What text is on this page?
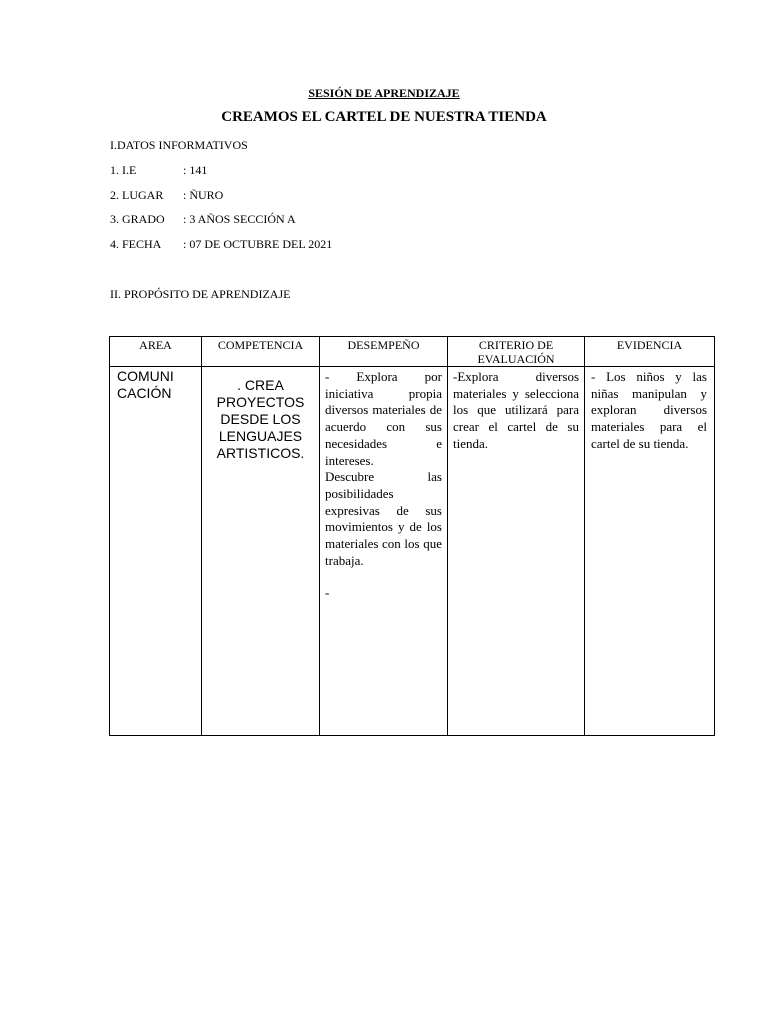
SESIÓN DE APRENDIZAJE

CREAMOS EL CARTEL DE NUESTRA TIENDA

I.DATOS INFORMATIVOS

1. I.E	: 141

2. LUGAR : ÑURO

3. GRADO : 3 AÑOS SECCIÓN A

4. FECHA : 07 DE OCTUBRE DEL 2021

II. PROPÓSITO DE APRENDIZAJE

AREA	COMPETENCIA	DESEMPEÑO	CRITERIO DE EVALUACIÓN	EVIDENCIA

COMUNICACIÓN	. CREA PROYECTOS DESDE LOS LENGUAJES ARTISTICOS.	- Explora por iniciativa propia diversos materiales de acuerdo con sus necesidades e intereses.
Descubre las posibilidades expresivas de sus movimientos y de los materiales con los que trabaja.
-	-Explora diversos materiales y selecciona los que utilizará para crear el cartel de su tienda.	- Los niños y las niñas manipulan y exploran diversos materiales para el cartel de su tienda.
